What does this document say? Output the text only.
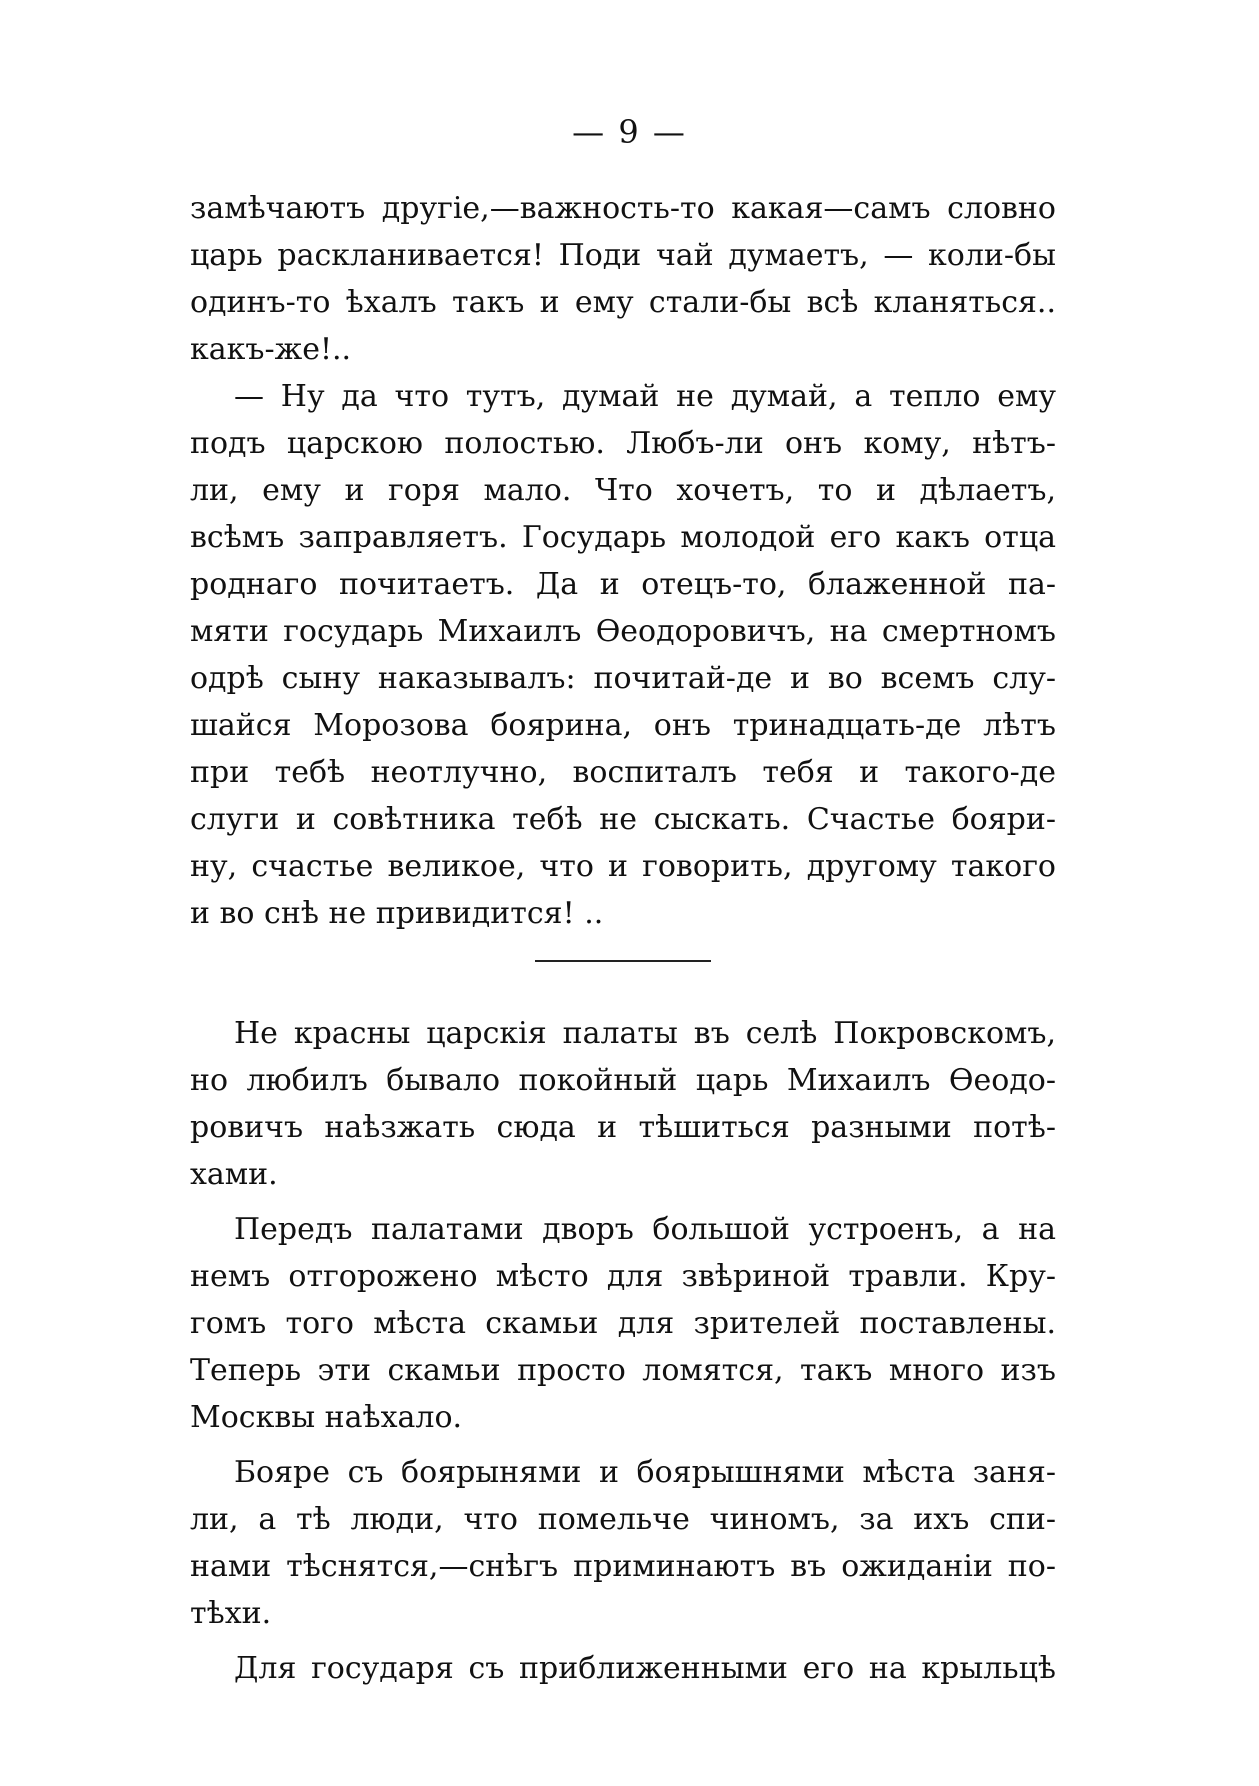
— 9 —
замѣчаютъ другіе,—важность-то какая—самъ словно
царь раскланивается! Поди чай думаетъ, — коли-бы
одинъ-то ѣхалъ такъ и ему стали-бы всѣ кланяться..
какъ-же!..
— Ну да что тутъ, думай не думай, а тепло ему
подъ царскою полостью. Любъ-ли онъ кому, нѣтъ-
ли, ему и горя мало. Что хочетъ, то и дѣлаетъ,
всѣмъ заправляетъ. Государь молодой его какъ отца
роднаго почитаетъ. Да и отецъ-то, блаженной па-
мяти государь Михаилъ Ѳеодоровичъ, на смертномъ
одрѣ сыну наказывалъ: почитай-де и во всемъ слу-
шайся Морозова боярина, онъ тринадцать-де лѣтъ
при тебѣ неотлучно, воспиталъ тебя и такого-де
слуги и совѣтника тебѣ не сыскать. Счастье бояри-
ну, счастье великое, что и говорить, другому такого
и во снѣ не привидится! ..
Не красны царскія палаты въ селѣ Покровскомъ,
но любилъ бывало покойный царь Михаилъ Ѳеодо-
ровичъ наѣзжать сюда и тѣшиться разными потѣ-
хами.
Передъ палатами дворъ большой устроенъ, а на
немъ отгорожено мѣсто для звѣриной травли. Кру-
гомъ того мѣста скамьи для зрителей поставлены.
Теперь эти скамьи просто ломятся, такъ много изъ
Москвы наѣхало.
Бояре съ боярынями и боярышнями мѣста заня-
ли, а тѣ люди, что помельче чиномъ, за ихъ спи-
нами тѣснятся,—снѣгъ приминаютъ въ ожиданіи по-
тѣхи.
Для государя съ приближенными его на крыльцѣ
